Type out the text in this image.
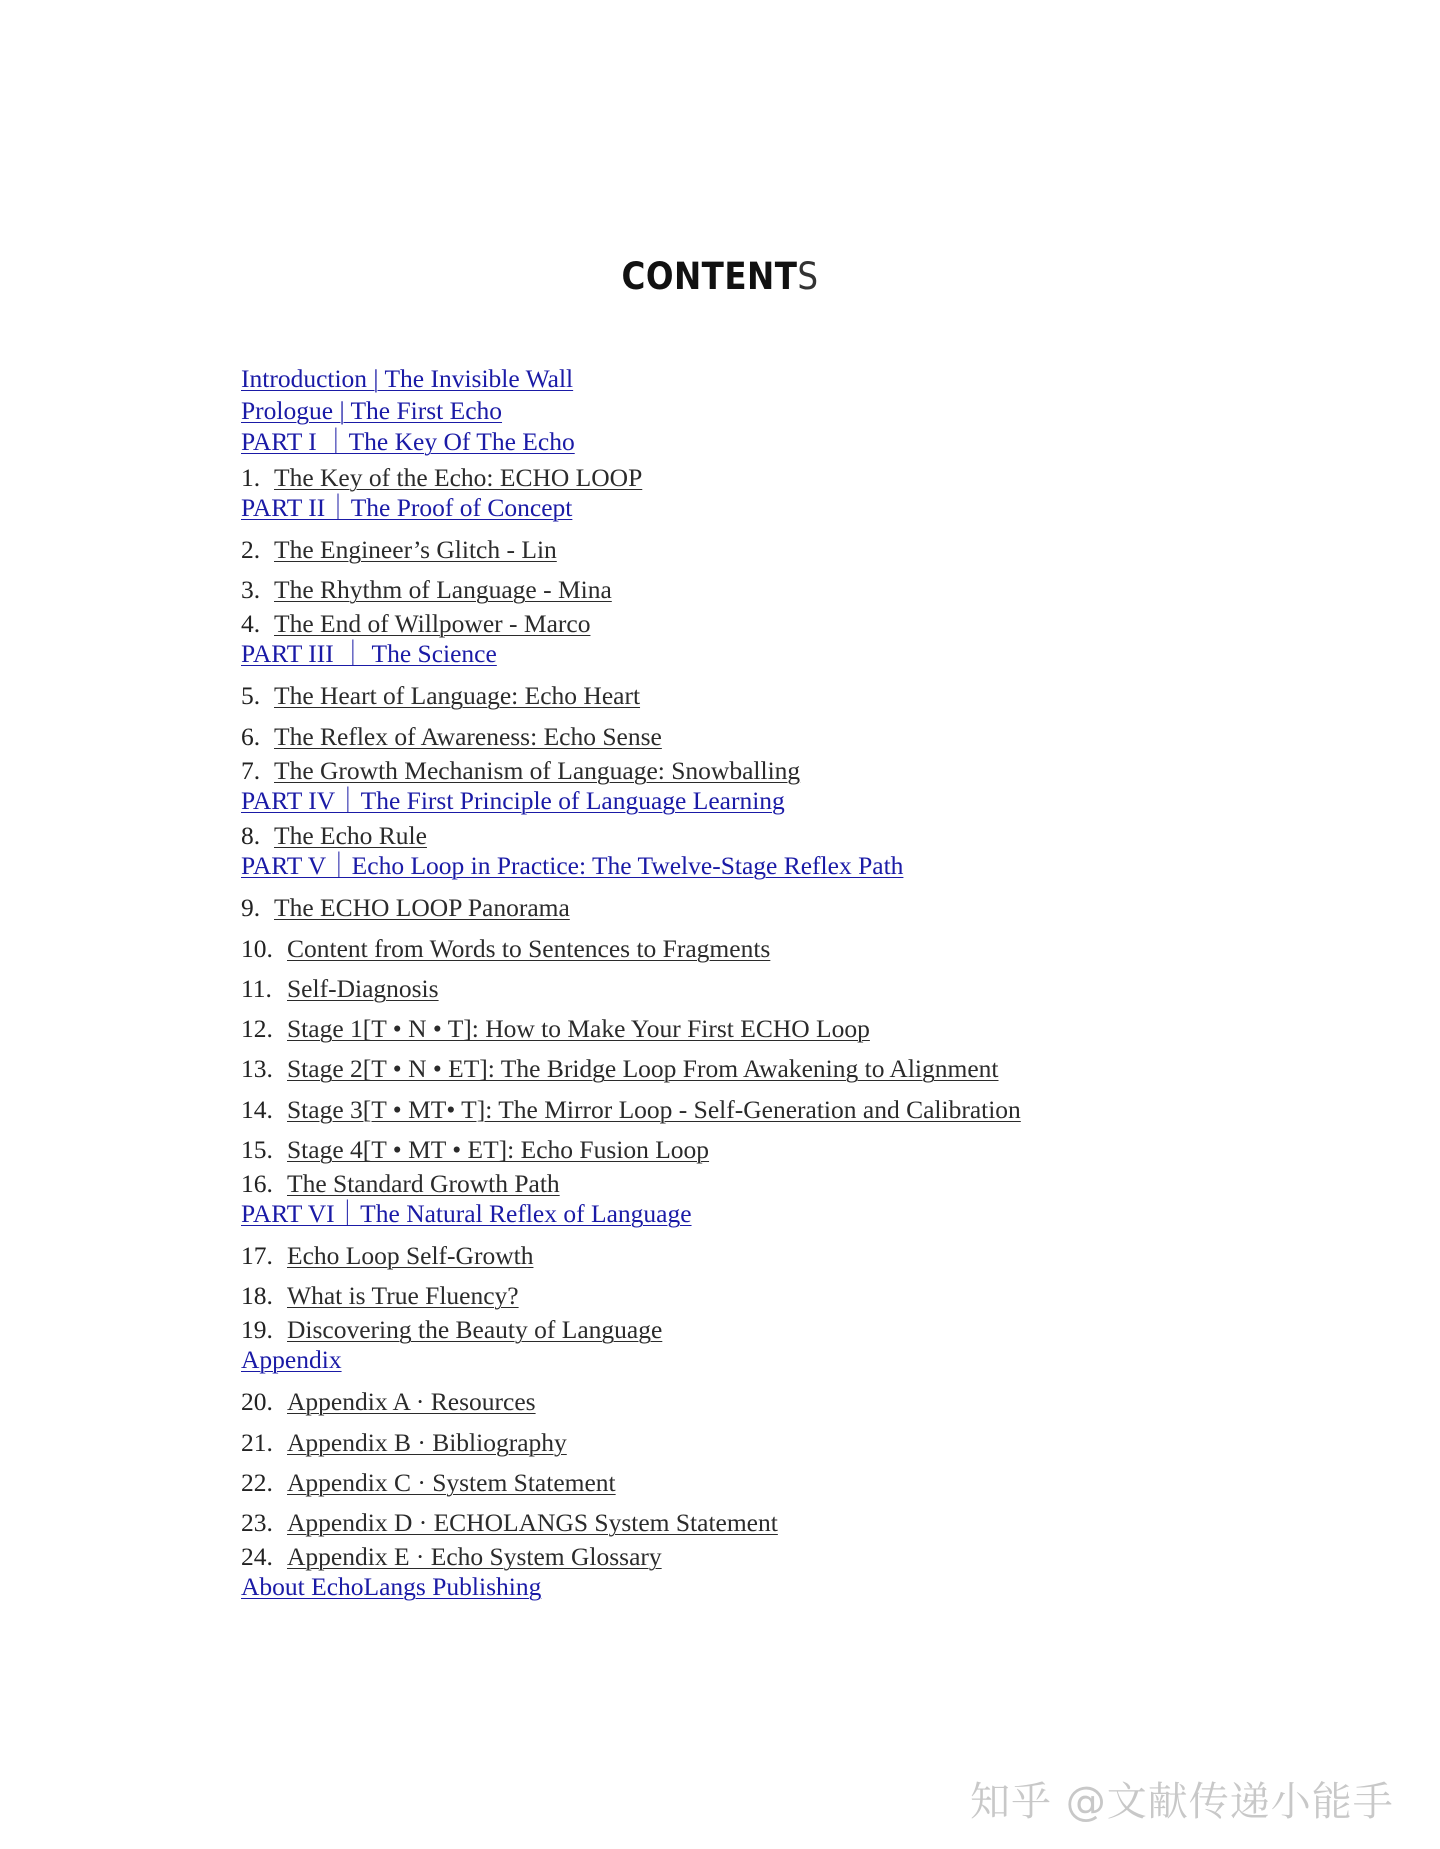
CONTENTS
Introduction | The Invisible Wall
Prologue | The First Echo
PART I ｜The Key Of The Echo
1. The Key of the Echo: ECHO LOOP
PART II｜The Proof of Concept
2. The Engineer’s Glitch - Lin
3. The Rhythm of Language - Mina
4. The End of Willpower - Marco
PART III ｜ The Science
5. The Heart of Language: Echo Heart
6. The Reflex of Awareness: Echo Sense
7. The Growth Mechanism of Language: Snowballing
PART IV｜The First Principle of Language Learning
8. The Echo Rule
PART V｜Echo Loop in Practice: The Twelve-Stage Reflex Path
9. The ECHO LOOP Panorama
10. Content from Words to Sentences to Fragments
11. Self-Diagnosis
12. Stage 1[T • N • T]: How to Make Your First ECHO Loop
13. Stage 2[T • N • ET]: The Bridge Loop From Awakening to Alignment
14. Stage 3[T • MT• T]: The Mirror Loop - Self-Generation and Calibration
15. Stage 4[T • MT • ET]: Echo Fusion Loop
16. The Standard Growth Path
PART VI｜The Natural Reflex of Language
17. Echo Loop Self-Growth
18. What is True Fluency?
19. Discovering the Beauty of Language
Appendix
20. Appendix A · Resources
21. Appendix B · Bibliography
22. Appendix C · System Statement
23. Appendix D · ECHOLANGS System Statement
24. Appendix E · Echo System Glossary
About EchoLangs Publishing
知乎 @文献传递小能手
